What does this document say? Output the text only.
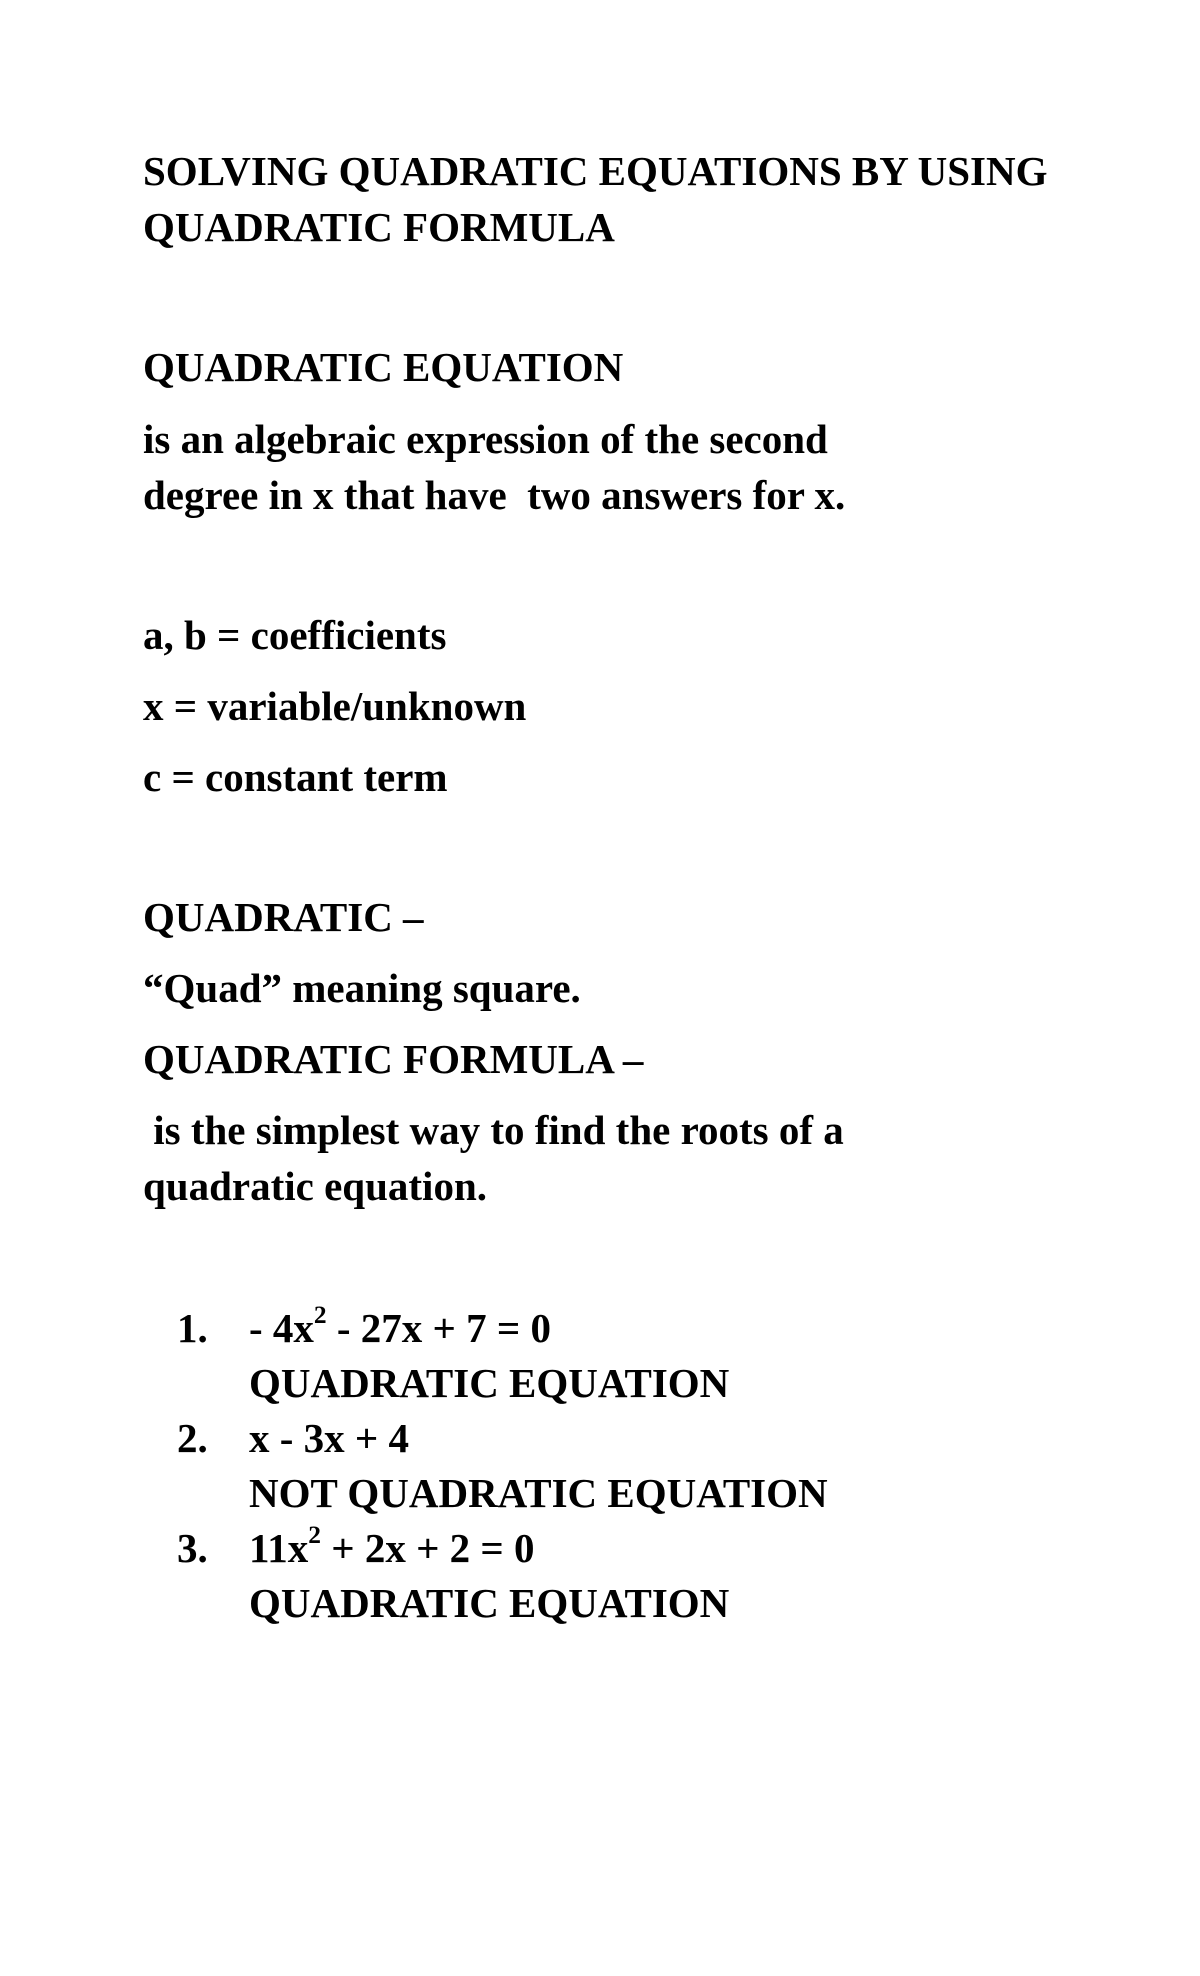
SOLVING QUADRATIC EQUATIONS BY USING
QUADRATIC FORMULA
QUADRATIC EQUATION
is an algebraic expression of the second
degree in x that have  two answers for x.
a, b = coefficients
x = variable/unknown
c = constant term
QUADRATIC –
“Quad” meaning square.
QUADRATIC FORMULA –
is the simplest way to find the roots of a
quadratic equation.
1. - $4x^2 - 27x + 7 = 0$
QUADRATIC EQUATION
2. x - 3x + 4
NOT QUADRATIC EQUATION
3. $11x^2 + 2x + 2 = 0$
QUADRATIC EQUATION
